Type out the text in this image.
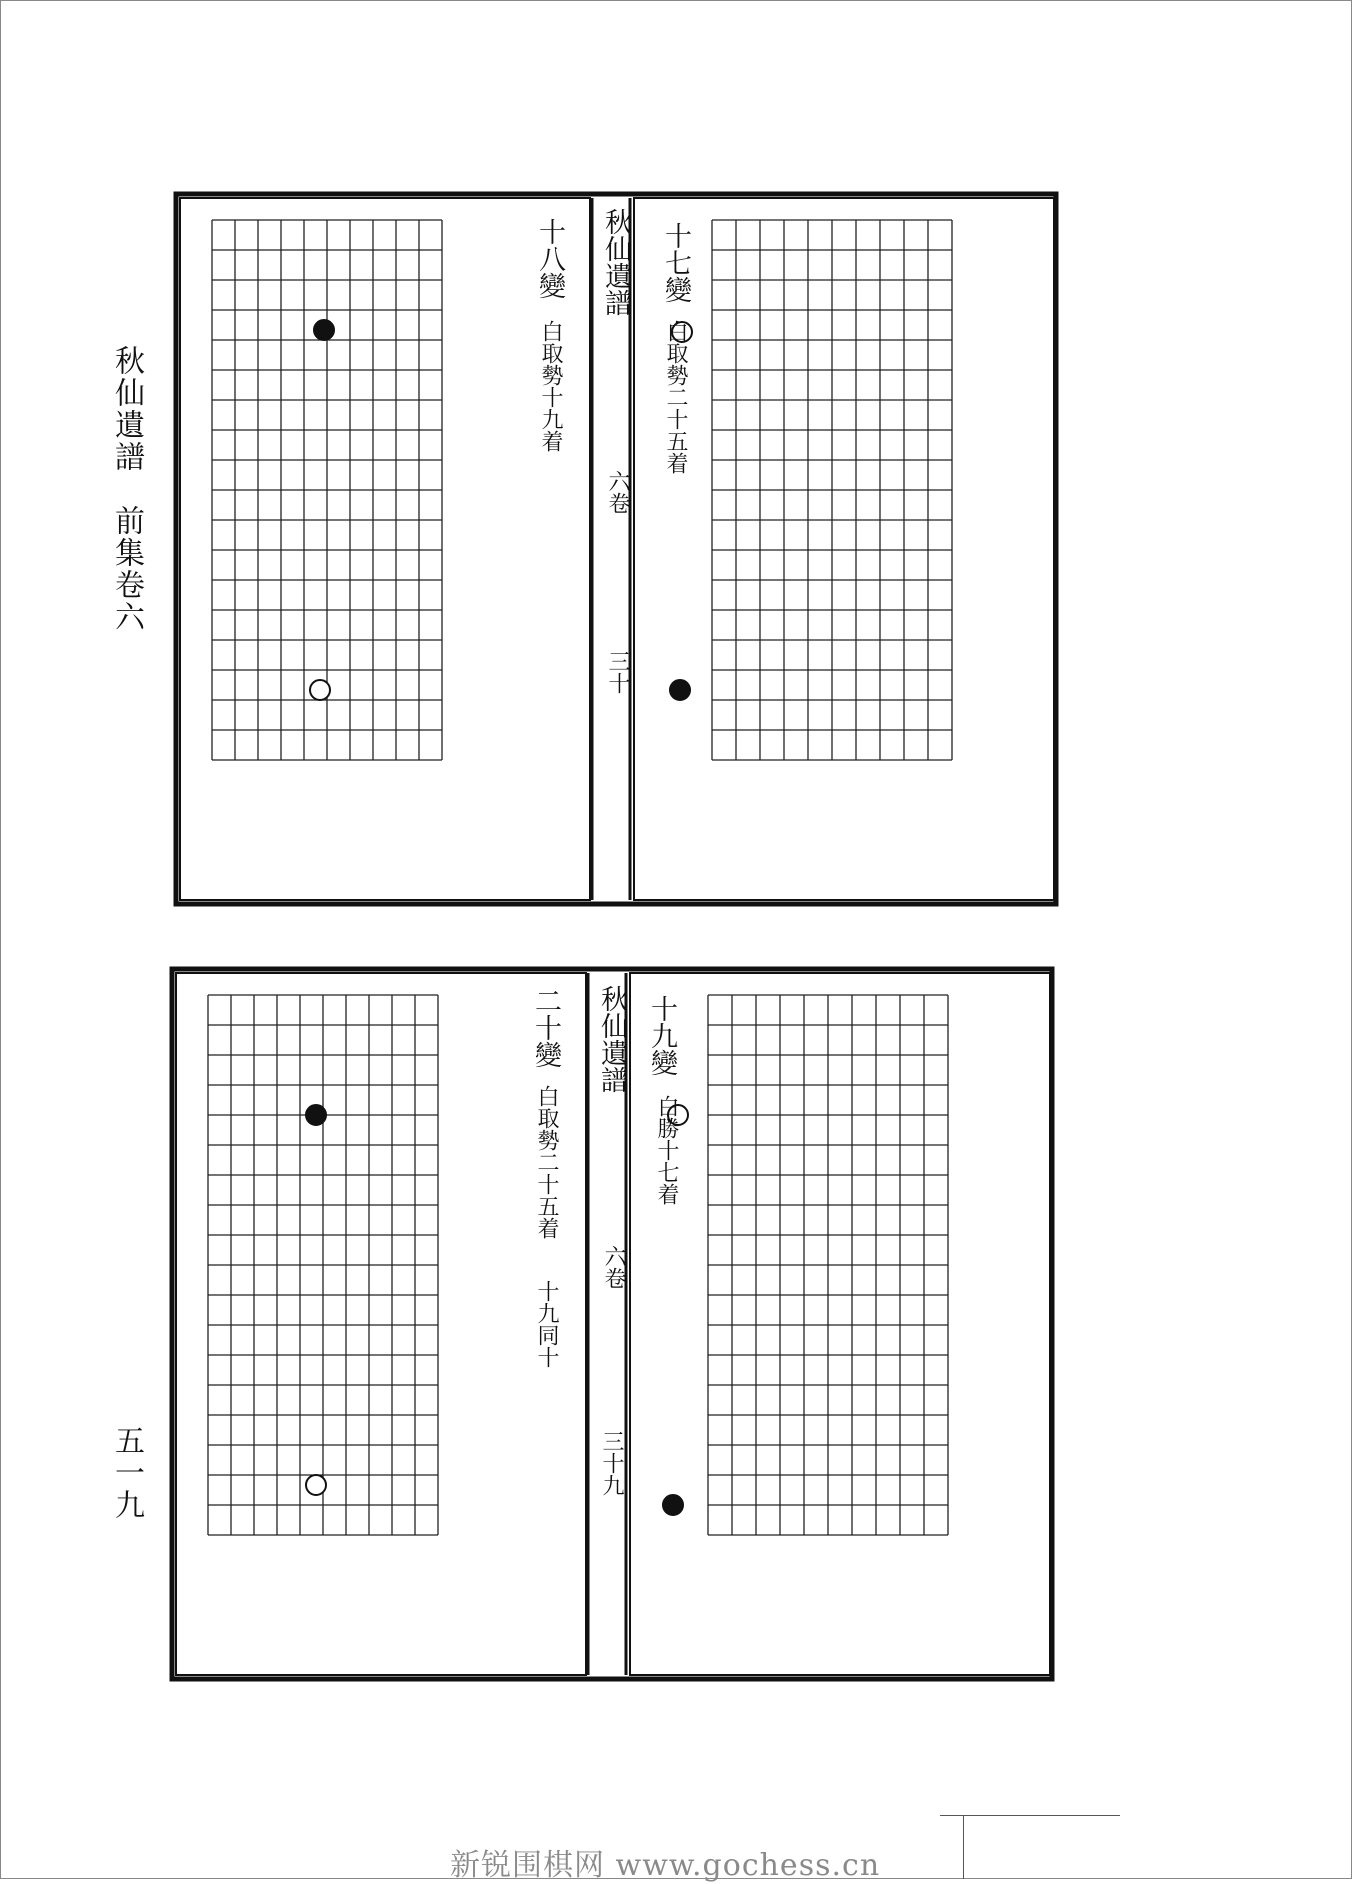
秋仙遺譜
前集卷六
五一九
秋仙遺譜
六卷
三十
十八變
白取勢十九着
十七變
白取勢二十五着
秋仙遺譜
六卷
三十九
二十變
白取勢二十五着
十九同十
十九變
白勝十七着
新锐围棋网 www.gochess.cn
